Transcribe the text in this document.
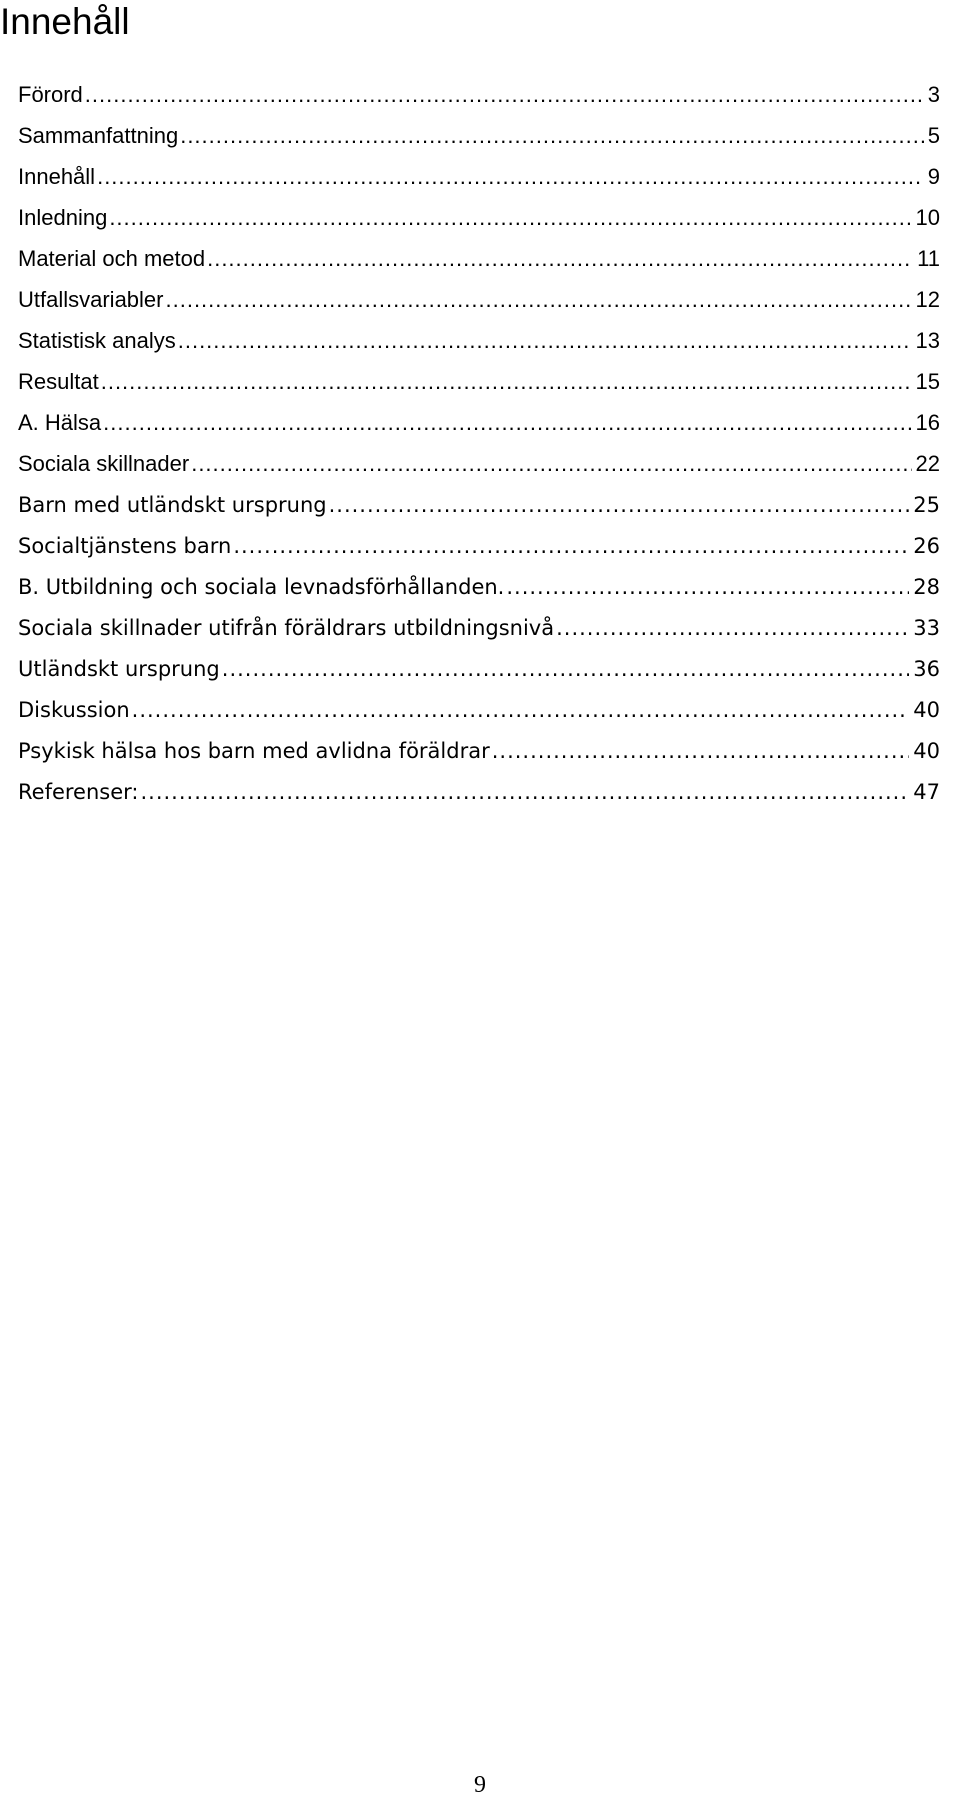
Innehåll
Förord .....	3
Sammanfattning .....	5
Innehåll .....	9
Inledning .....	10
Material och metod .....	11
Utfallsvariabler .....	12
Statistisk analys .....	13
Resultat .....	15
A. Hälsa .....	16
Sociala skillnader .....	22
Barn med utländskt ursprung .....	25
Socialtjänstens barn .....	26
B. Utbildning och sociala levnadsförhållanden. .....	28
Sociala skillnader utifrån föräldrars utbildningsnivå .....	33
Utländskt ursprung .....	36
Diskussion .....	40
Psykisk hälsa hos barn med avlidna föräldrar .....	40
Referenser: .....	47
9
